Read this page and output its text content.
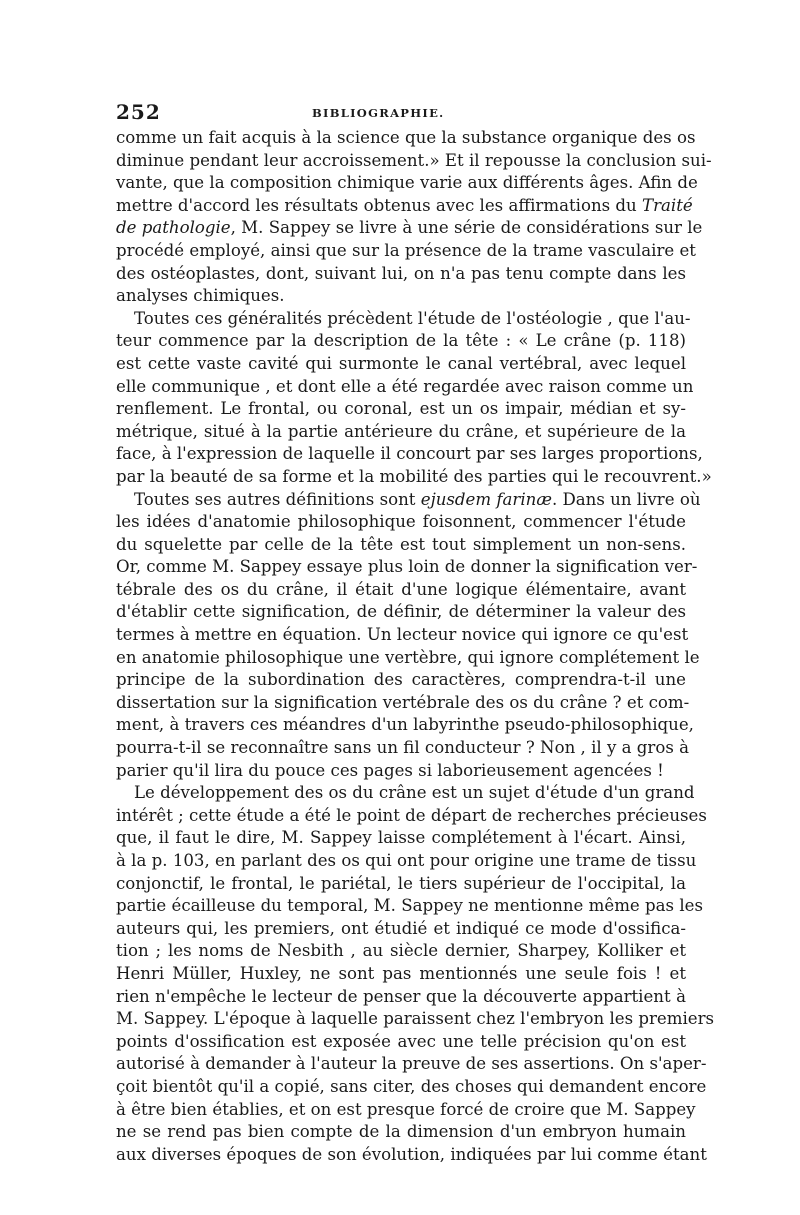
252	BIBLIOGRAPHIE.
comme un fait acquis à la science que la substance organique des os
diminue pendant leur accroissement.» Et il repousse la conclusion sui-
vante, que la composition chimique varie aux différents âges. Afin de
mettre d'accord les résultats obtenus avec les affirmations du Traité
de pathologie, M. Sappey se livre à une série de considérations sur le
procédé employé, ainsi que sur la présence de la trame vasculaire et
des ostéoplastes, dont, suivant lui, on n'a pas tenu compte dans les
analyses chimiques.
Toutes ces généralités précèdent l'étude de l'ostéologie , que l'au-
teur commence par la description de la tête : « Le crâne (p. 118)
est cette vaste cavité qui surmonte le canal vertébral, avec lequel
elle communique , et dont elle a été regardée avec raison comme un
renflement. Le frontal, ou coronal, est un os impair, médian et sy-
métrique, situé à la partie antérieure du crâne, et supérieure de la
face, à l'expression de laquelle il concourt par ses larges proportions,
par la beauté de sa forme et la mobilité des parties qui le recouvrent.»
Toutes ses autres définitions sont ejusdem farinæ. Dans un livre où
les idées d'anatomie philosophique foisonnent, commencer l'étude
du squelette par celle de la tête est tout simplement un non-sens.
Or, comme M. Sappey essaye plus loin de donner la signification ver-
tébrale des os du crâne, il était d'une logique élémentaire, avant
d'établir cette signification, de définir, de déterminer la valeur des
termes à mettre en équation. Un lecteur novice qui ignore ce qu'est
en anatomie philosophique une vertèbre, qui ignore complétement le
principe de la subordination des caractères, comprendra-t-il une
dissertation sur la signification vertébrale des os du crâne ? et com-
ment, à travers ces méandres d'un labyrinthe pseudo-philosophique,
pourra-t-il se reconnaître sans un fil conducteur ? Non , il y a gros à
parier qu'il lira du pouce ces pages si laborieusement agencées !
Le développement des os du crâne est un sujet d'étude d'un grand
intérêt ; cette étude a été le point de départ de recherches précieuses
que, il faut le dire, M. Sappey laisse complétement à l'écart. Ainsi,
à la p. 103, en parlant des os qui ont pour origine une trame de tissu
conjonctif, le frontal, le pariétal, le tiers supérieur de l'occipital, la
partie écailleuse du temporal, M. Sappey ne mentionne même pas les
auteurs qui, les premiers, ont étudié et indiqué ce mode d'ossifica-
tion ; les noms de Nesbith , au siècle dernier, Sharpey, Kolliker et
Henri Müller, Huxley, ne sont pas mentionnés une seule fois ! et
rien n'empêche le lecteur de penser que la découverte appartient à
M. Sappey. L'époque à laquelle paraissent chez l'embryon les premiers
points d'ossification est exposée avec une telle précision qu'on est
autorisé à demander à l'auteur la preuve de ses assertions. On s'aper-
çoit bientôt qu'il a copié, sans citer, des choses qui demandent encore
à être bien établies, et on est presque forcé de croire que M. Sappey
ne se rend pas bien compte de la dimension d'un embryon humain
aux diverses époques de son évolution, indiquées par lui comme étant
